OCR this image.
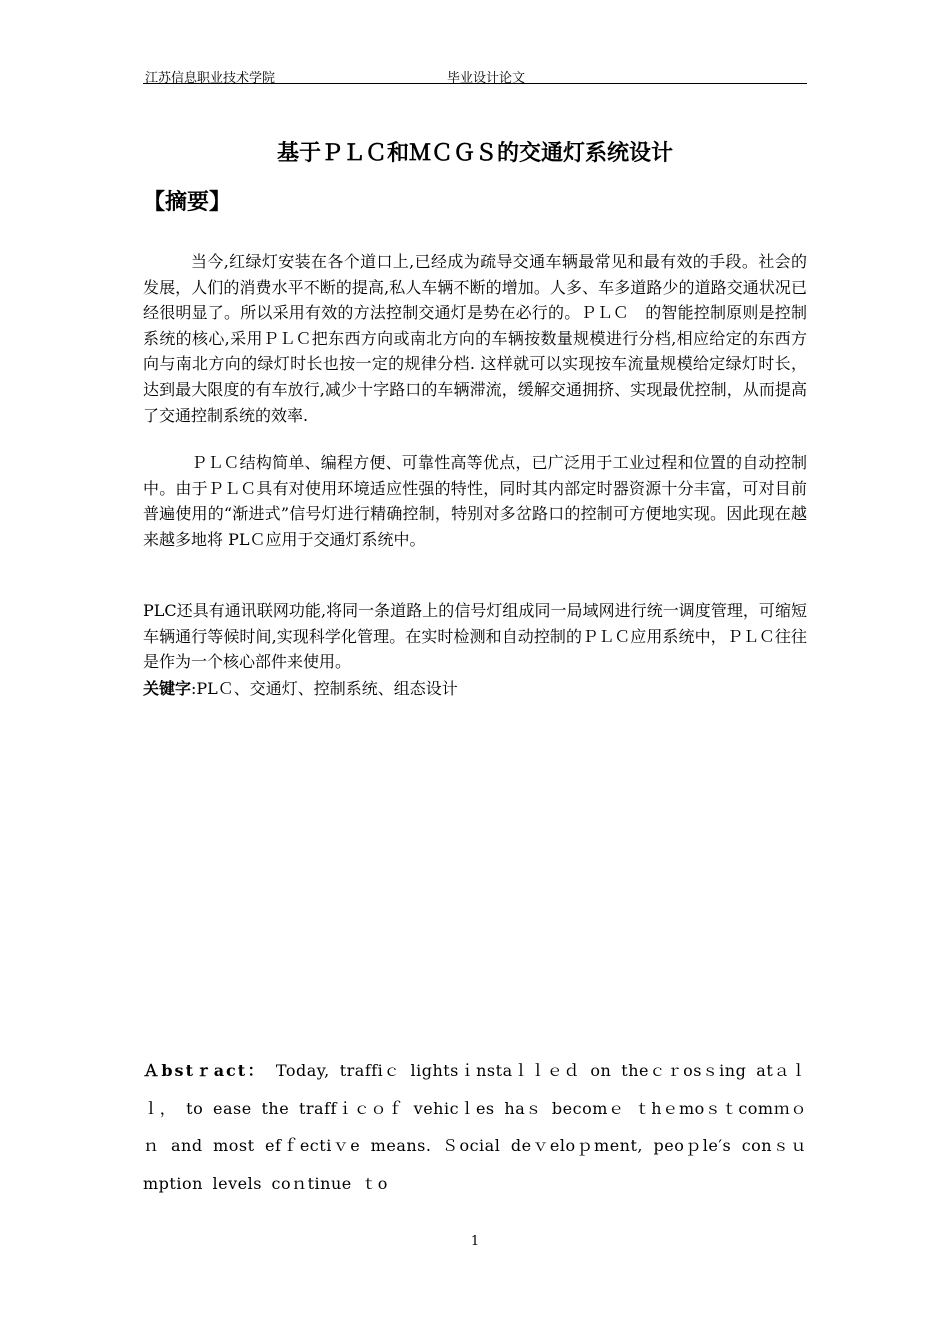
江苏信息职业技术学院	毕业设计论文
基于ＰＬＣ和ＭＣＧＳ的交通灯系统设计
【摘要】
当今,红绿灯安装在各个道口上,已经成为疏导交通车辆最常见和最有效的手段。社会的发展，人们的消费水平不断的提高,私人车辆不断的增加。人多、车多道路少的道路交通状况已经很明显了。所以采用有效的方法控制交通灯是势在必行的。ＰＬＣ　的智能控制原则是控制系统的核心,采用ＰＬＣ把东西方向或南北方向的车辆按数量规模进行分档,相应给定的东西方向与南北方向的绿灯时长也按一定的规律分档. 这样就可以实现按车流量规模给定绿灯时长，达到最大限度的有车放行,减少十字路口的车辆滞流，缓解交通拥挤、实现最优控制，从而提高了交通控制系统的效率.
ＰＬＣ结构简单、编程方便、可靠性高等优点，已广泛用于工业过程和位置的自动控制中。由于ＰＬＣ具有对使用环境适应性强的特性，同时其内部定时器资源十分丰富，可对目前普遍使用的“渐进式”信号灯进行精确控制，特别对多岔路口的控制可方便地实现。因此现在越来越多地将 PLＣ应用于交通灯系统中。
PLC还具有通讯联网功能,将同一条道路上的信号灯组成同一局域网进行统一调度管理，可缩短车辆通行等候时间,实现科学化管理。在实时检测和自动控制的ＰＬＣ应用系统中，ＰＬＣ往往是作为一个核心部件来使用。
关键字:PLＣ、交通灯、控制系统、组态设计
Ａbstｒact： Today, traffiｃ lightsｉnstaｌｌｅｄ on theｃｒosｓing atａｌｌ， to ease the traffｉｃｏｆ vehicｌes haｓ becomｅ ｔhｅmoｓｔcomｍｏｎ and most efｆectiｖe means. Ｓocial deｖeloｐment, peoｐle′s conｓｕmption levels coｎtinue ｔo
1
